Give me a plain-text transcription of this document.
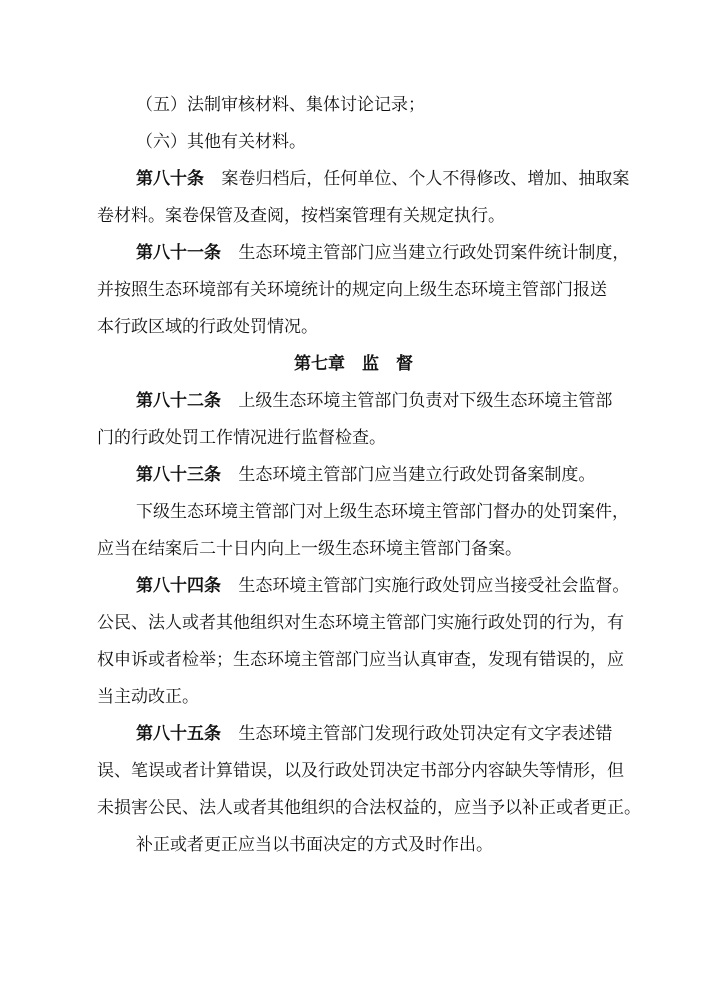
（五）法制审核材料、集体讨论记录；
（六）其他有关材料。
第八十条 案卷归档后，任何单位、个人不得修改、增加、抽取案
卷材料。案卷保管及查阅，按档案管理有关规定执行。
第八十一条 生态环境主管部门应当建立行政处罚案件统计制度，
并按照生态环境部有关环境统计的规定向上级生态环境主管部门报送
本行政区域的行政处罚情况。
第七章　监　督
第八十二条 上级生态环境主管部门负责对下级生态环境主管部
门的行政处罚工作情况进行监督检查。
第八十三条 生态环境主管部门应当建立行政处罚备案制度。
下级生态环境主管部门对上级生态环境主管部门督办的处罚案件，
应当在结案后二十日内向上一级生态环境主管部门备案。
第八十四条 生态环境主管部门实施行政处罚应当接受社会监督。
公民、法人或者其他组织对生态环境主管部门实施行政处罚的行为，有
权申诉或者检举；生态环境主管部门应当认真审查，发现有错误的，应
当主动改正。
第八十五条 生态环境主管部门发现行政处罚决定有文字表述错
误、笔误或者计算错误，以及行政处罚决定书部分内容缺失等情形，但
未损害公民、法人或者其他组织的合法权益的，应当予以补正或者更正。
补正或者更正应当以书面决定的方式及时作出。
